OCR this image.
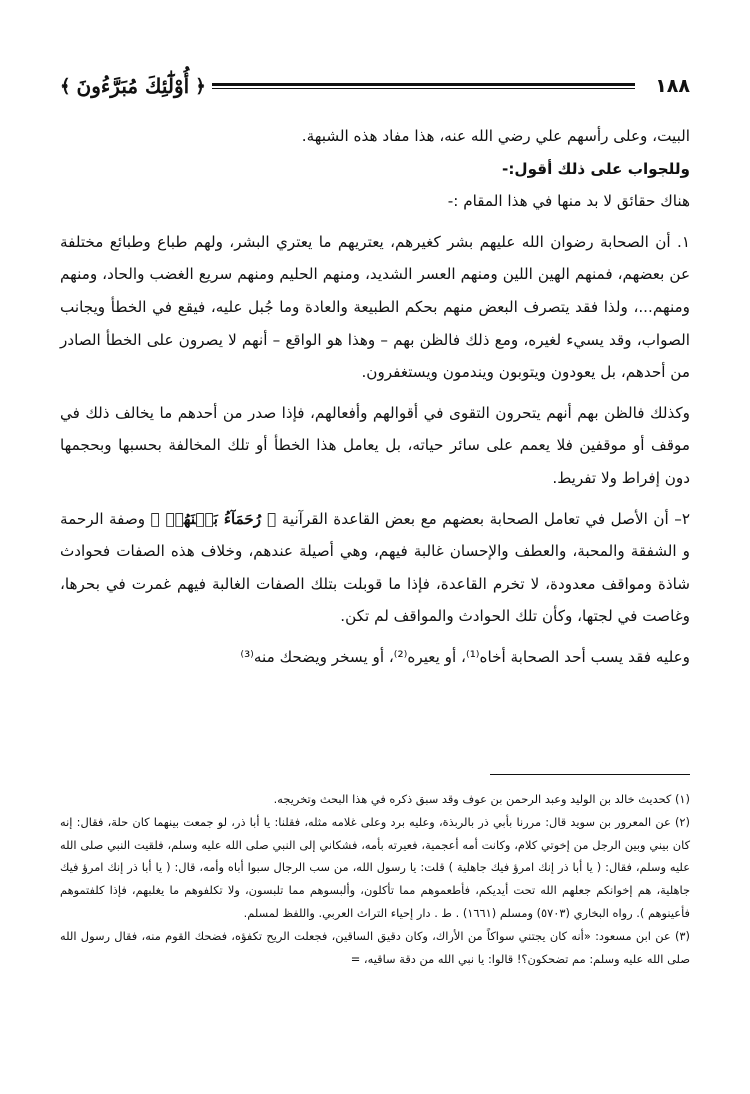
١٨٨
﴿
أُوْلَٰٓئِكَ مُبَرَّءُونَ
﴾

البيت، وعلى رأسهم علي رضي الله عنه، هذا مفاد هذه الشبهة.

وللجواب على ذلك أقول:-

هناك حقائق لا بد منها في هذا المقام :-

١. أن الصحابة رضوان الله عليهم بشر كغيرهم، يعتريهم ما يعتري البشر، ولهم طباع وطبائع مختلفة عن بعضهم، فمنهم الهين اللين ومنهم العسر الشديد، ومنهم الحليم ومنهم سريع الغضب والحاد، ومنهم ومنهم...، ولذا فقد يتصرف البعض منهم بحكم الطبيعة والعادة وما جُبل عليه، فيقع في الخطأ ويجانب الصواب، وقد يسيء لغيره، ومع ذلك فالظن بهم – وهذا هو الواقع – أنهم لا يصرون على الخطأ الصادر من أحدهم، بل يعودون ويتوبون ويندمون ويستغفرون.

وكذلك فالظن بهم أنهم يتحرون التقوى في أقوالهم وأفعالهم، فإذا صدر من أحدهم ما يخالف ذلك في موقف أو موقفين فلا يعمم على سائر حياته، بل يعامل هذا الخطأ أو تلك المخالفة بحسبها وبحجمها دون إفراط ولا تفريط.

٢– أن الأصل في تعامل الصحابة بعضهم مع بعض القاعدة القرآنية ﴿ رُحَمَآءُ بَيۡنَهُمۡ ﴾ وصفة الرحمة و الشفقة والمحبة، والعطف والإحسان غالبة فيهم، وهي أصيلة عندهم، وخلاف هذه الصفات فحوادث شاذة ومواقف معدودة، لا تخرم القاعدة، فإذا ما قوبلت بتلك الصفات الغالبة فيهم غمرت في بحرها، وغاصت في لجتها، وكأن تلك الحوادث والمواقف لم تكن.

وعليه فقد يسب أحد الصحابة أخاه⁽¹⁾، أو يعيره⁽²⁾، أو يسخر ويضحك منه⁽³⁾

(١) كحديث خالد بن الوليد وعبد الرحمن بن عوف وقد سبق ذكره في هذا البحث وتخريجه.

(٢) عن المعرور بن سويد قال: مررنا بأبي ذر بالربذة، وعليه برد وعلى غلامه مثله، فقلنا: يا أبا ذر، لو جمعت بينهما كان حلة، فقال: إنه كان بيني وبين الرجل من إخوتي كلام، وكانت أمه أعجمية، فعيرته بأمه، فشكاني إلى النبي صلى الله عليه وسلم، فلقيت النبي صلى الله عليه وسلم، فقال: ( يا أبا ذر إنك امرؤ فيك جاهلية ) قلت: يا رسول الله، من سب الرجال سبوا أباه وأمه، قال: ( يا أبا ذر إنك امرؤ فيك جاهلية، هم إخوانكم جعلهم الله تحت أيديكم، فأطعموهم مما تأكلون، وألبسوهم مما تلبسون، ولا تكلفوهم ما يغلبهم، فإذا كلفتموهم فأعينوهم ). رواه البخاري (٥٧٠٣) ومسلم (١٦٦١) . ط . دار إحياء التراث العربي. واللفظ لمسلم.

(٣) عن ابن مسعود: «أنه كان يجتني سواكاً من الأراك، وكان دقيق الساقين، فجعلت الريح تكفؤه، فضحك القوم منه، فقال رسول الله صلى الله عليه وسلم: مم تضحكون؟! قالوا: يا نبي الله من دقة ساقيه، =
